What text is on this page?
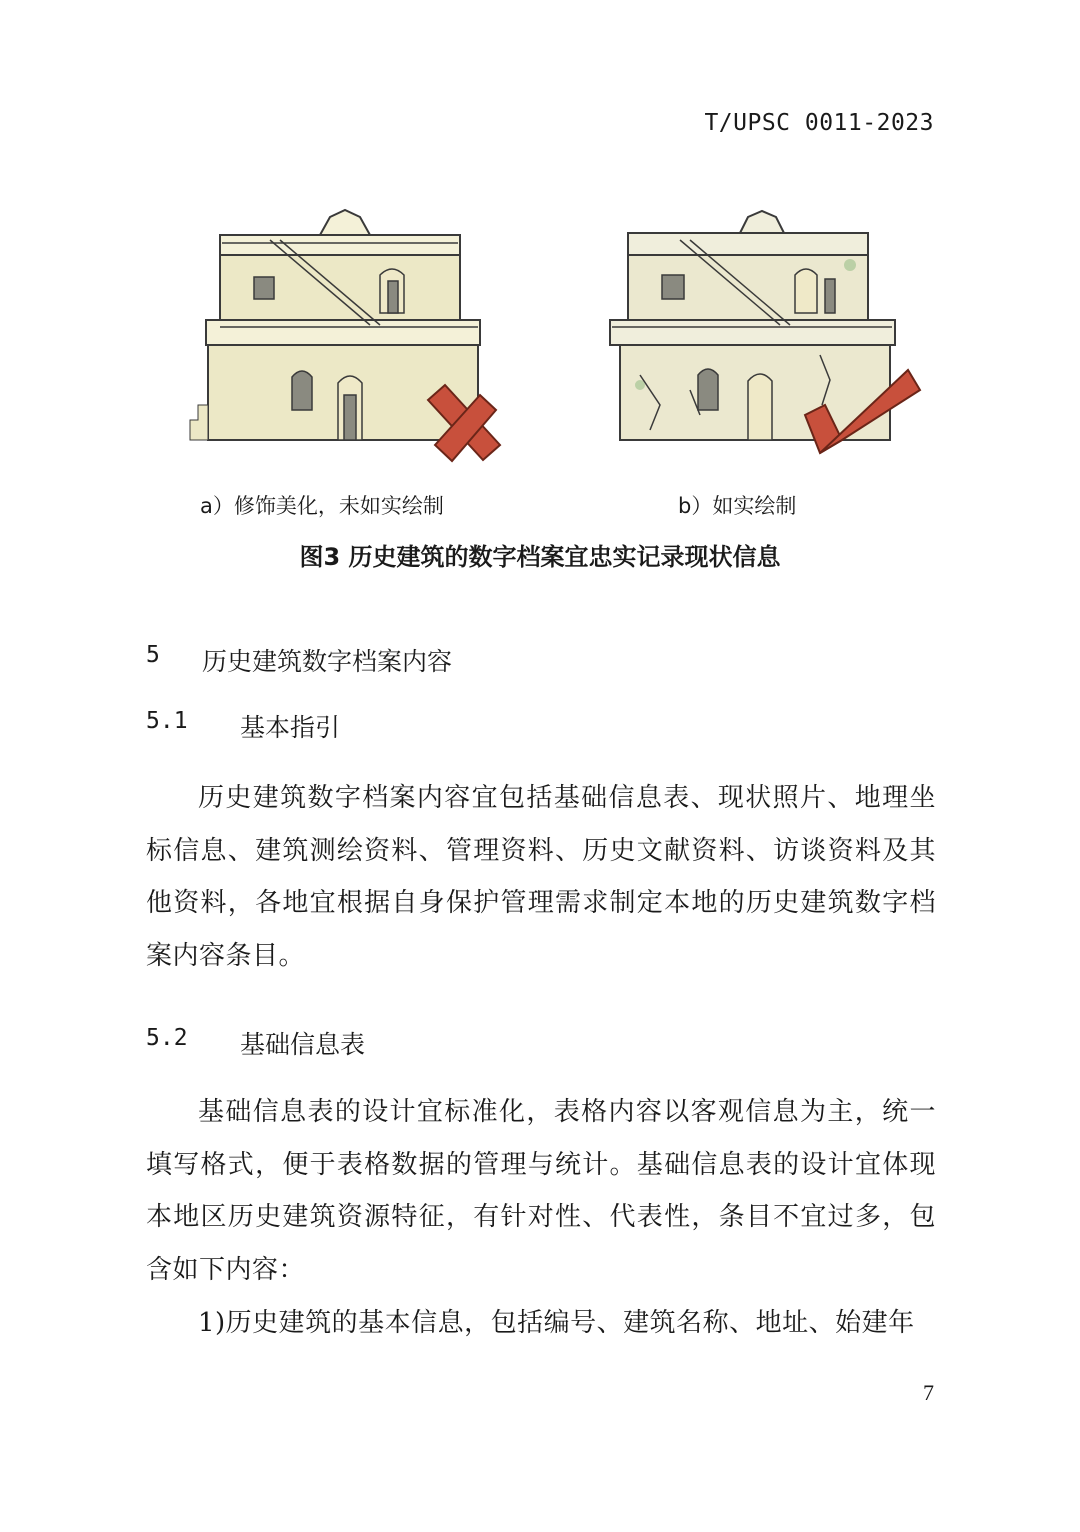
T/UPSC 0011-2023
a）修饰美化，未如实绘制	b）如实绘制
图3 历史建筑的数字档案宜忠实记录现状信息
5	历史建筑数字档案内容
5.1	基本指引

历史建筑数字档案内容宜包括基础信息表、现状照片、地理坐标信息、建筑测绘资料、管理资料、历史文献资料、访谈资料及其他资料，各地宜根据自身保护管理需求制定本地的历史建筑数字档案内容条目。

5.2	基础信息表

基础信息表的设计宜标准化，表格内容以客观信息为主，统一填写格式，便于表格数据的管理与统计。基础信息表的设计宜体现本地区历史建筑资源特征，有针对性、代表性，条目不宜过多，包含如下内容：

1)历史建筑的基本信息，包括编号、建筑名称、地址、始建年

7
